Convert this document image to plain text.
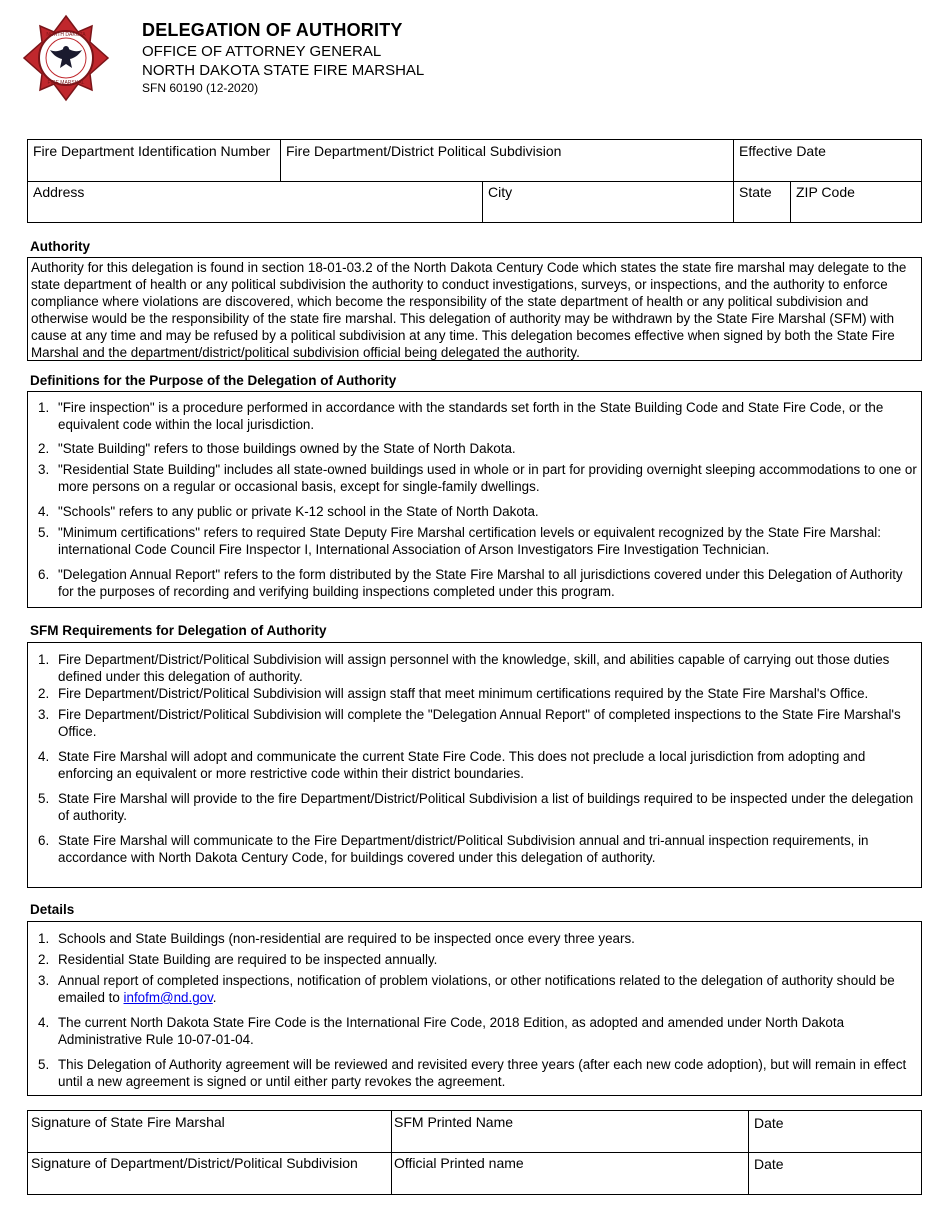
NORTH DAKOTA
FIRE MARSHAL
DELEGATION OF AUTHORITY
OFFICE OF ATTORNEY GENERAL
NORTH DAKOTA STATE FIRE MARSHAL
SFN 60190 (12-2020)
Fire Department Identification Number	Fire Department/District Political Subdivision	Effective Date
Address	City	State	ZIP Code
Authority
Authority for this delegation is found in section 18-01-03.2 of the North Dakota Century Code which states the state fire marshal may delegate to the state department of health or any political subdivision the authority to conduct investigations, surveys, or inspections, and the authority to enforce compliance where violations are discovered, which become the responsibility of the state department of health or any political subdivision and otherwise would be the responsibility of the state fire marshal. This delegation of authority may be withdrawn by the State Fire Marshal (SFM) with cause at any time and may be refused by a political subdivision at any time. This delegation becomes effective when signed by both the State Fire Marshal and the department/district/political subdivision official being delegated the authority.
Definitions for the Purpose of the Delegation of Authority
1. "Fire inspection" is a procedure performed in accordance with the standards set forth in the State Building Code and State Fire Code, or the equivalent code within the local jurisdiction.
2. "State Building" refers to those buildings owned by the State of North Dakota.
3. "Residential State Building" includes all state-owned buildings used in whole or in part for providing overnight sleeping accommodations to one or more persons on a regular or occasional basis, except for single-family dwellings.
4. "Schools" refers to any public or private K-12 school in the State of North Dakota.
5. "Minimum certifications" refers to required State Deputy Fire Marshal certification levels or equivalent recognized by the State Fire Marshal: international Code Council Fire Inspector I, International Association of Arson Investigators Fire Investigation Technician.
6. "Delegation Annual Report" refers to the form distributed by the State Fire Marshal to all jurisdictions covered under this Delegation of Authority for the purposes of recording and verifying building inspections completed under this program.
SFM Requirements for Delegation of Authority
1. Fire Department/District/Political Subdivision will assign personnel with the knowledge, skill, and abilities capable of carrying out those duties defined under this delegation of authority.
2. Fire Department/District/Political Subdivision will assign staff that meet minimum certifications required by the State Fire Marshal's Office.
3. Fire Department/District/Political Subdivision will complete the "Delegation Annual Report" of completed inspections to the State Fire Marshal's Office.
4. State Fire Marshal will adopt and communicate the current State Fire Code. This does not preclude a local jurisdiction from adopting and enforcing an equivalent or more restrictive code within their district boundaries.
5. State Fire Marshal will provide to the fire Department/District/Political Subdivision a list of buildings required to be inspected under the delegation of authority.
6. State Fire Marshal will communicate to the Fire Department/district/Political Subdivision annual and tri-annual inspection requirements, in accordance with North Dakota Century Code, for buildings covered under this delegation of authority.
Details
1. Schools and State Buildings (non-residential are required to be inspected once every three years.
2. Residential State Building are required to be inspected annually.
3. Annual report of completed inspections, notification of problem violations, or other notifications related to the delegation of authority should be emailed to infofm@nd.gov.
4. The current North Dakota State Fire Code is the International Fire Code, 2018 Edition, as adopted and amended under North Dakota Administrative Rule 10-07-01-04.
5. This Delegation of Authority agreement will be reviewed and revisited every three years (after each new code adoption), but will remain in effect until a new agreement is signed or until either party revokes the agreement.
Signature of State Fire Marshal	SFM Printed Name	Date
Signature of Department/District/Political Subdivision	Official Printed name	Date
